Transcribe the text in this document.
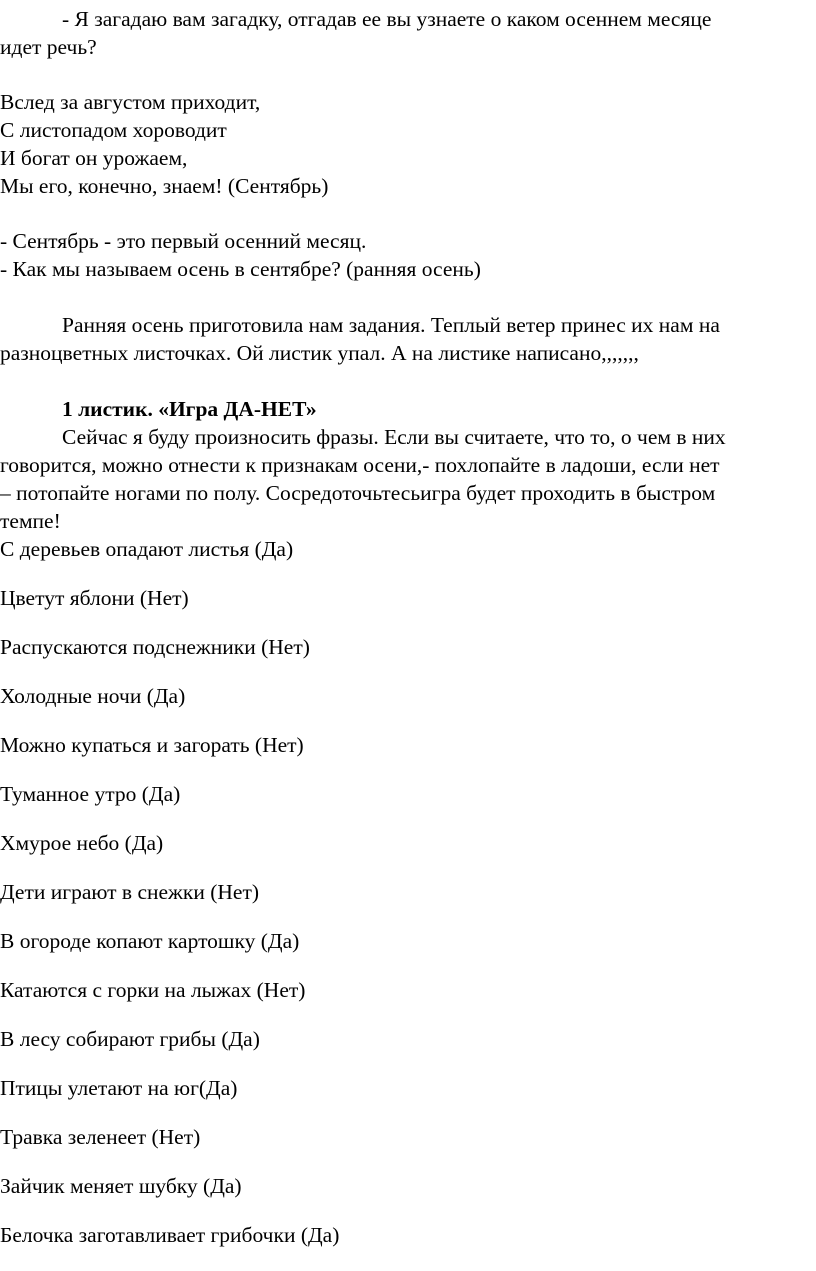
- Я загадаю вам загадку, отгадав ее вы узнаете о каком осеннем месяце
идет речь?
Вслед за августом приходит,
С листопадом хороводит
И богат он урожаем,
Мы его, конечно, знаем! (Сентябрь)
- Сентябрь - это первый осенний месяц.
- Как мы называем осень в сентябре? (ранняя осень)
Ранняя осень приготовила нам задания. Теплый ветер принес их нам на
разноцветных листочках. Ой листик упал. А на листике написано,,,,,,,
1 листик. «Игра ДА-НЕТ»
Сейчас я буду произносить фразы. Если вы считаете, что то, о чем в них
говорится, можно отнести к признакам осени,- похлопайте в ладоши, если нет
– потопайте ногами по полу. Сосредоточьтесьигра будет проходить в быстром
темпе!
С деревьев опадают листья (Да)
Цветут яблони (Нет)
Распускаются подснежники (Нет)
Холодные ночи (Да)
Можно купаться и загорать (Нет)
Туманное утро (Да)
Хмурое небо (Да)
Дети играют в снежки (Нет)
В огороде копают картошку (Да)
Катаются с горки на лыжах (Нет)
В лесу собирают грибы (Да)
Птицы улетают на юг(Да)
Травка зеленеет (Нет)
Зайчик меняет шубку (Да)
Белочка заготавливает грибочки (Да)
